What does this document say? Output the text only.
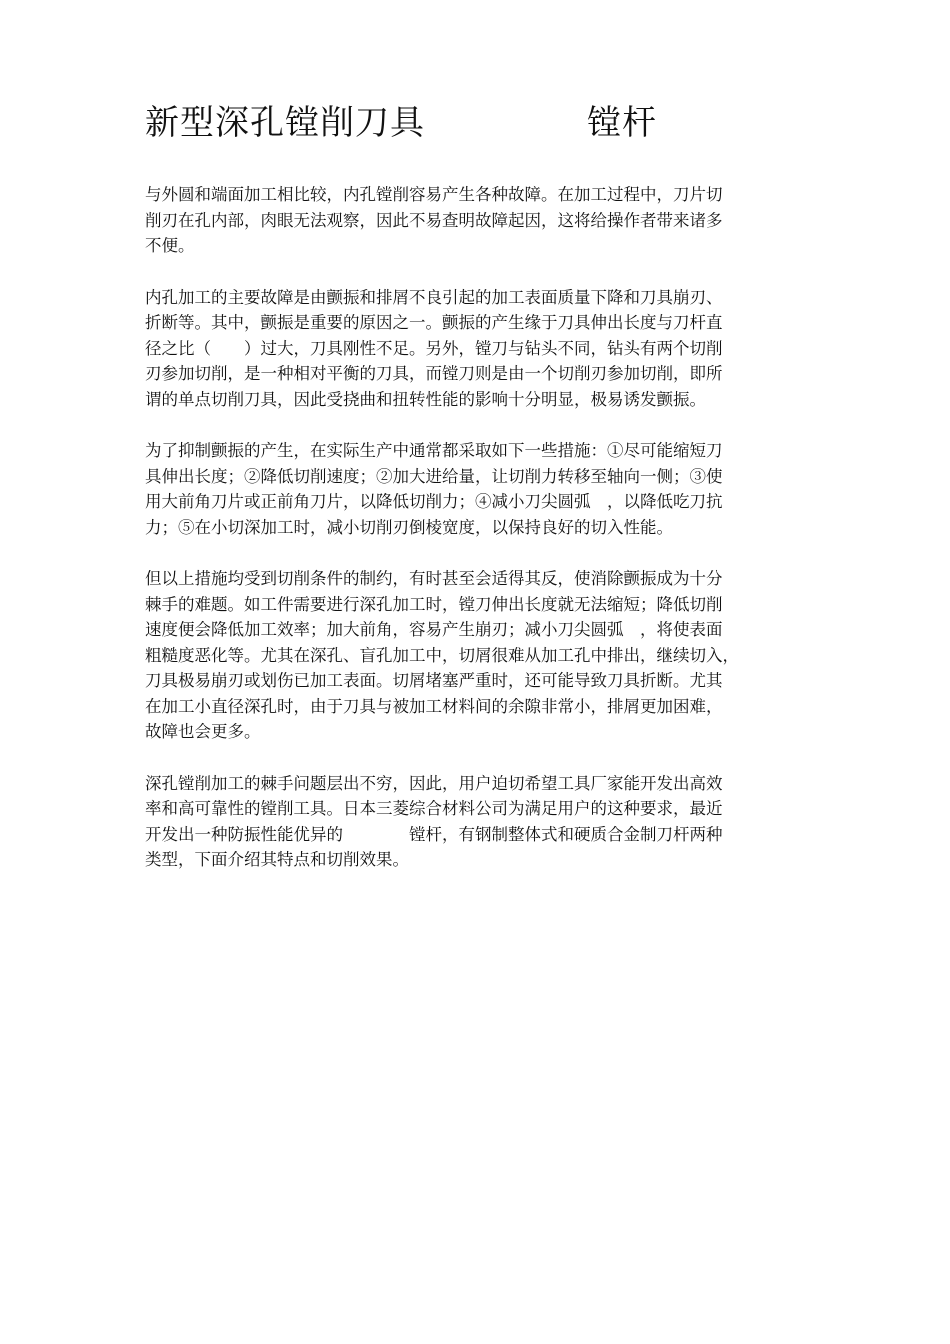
新型深孔镗削刀具	镗杆

与外圆和端面加工相比较，内孔镗削容易产生各种故障。在加工过程中，刀片切
削刃在孔内部，肉眼无法观察，因此不易查明故障起因，这将给操作者带来诸多
不便。

内孔加工的主要故障是由颤振和排屑不良引起的加工表面质量下降和刀具崩刃、
折断等。其中，颤振是重要的原因之一。颤振的产生缘于刀具伸出长度与刀杆直
径之比（　　）过大，刀具刚性不足。另外，镗刀与钻头不同，钻头有两个切削
刃参加切削，是一种相对平衡的刀具，而镗刀则是由一个切削刃参加切削，即所
谓的单点切削刀具，因此受挠曲和扭转性能的影响十分明显，极易诱发颤振。

为了抑制颤振的产生，在实际生产中通常都采取如下一些措施：①尽可能缩短刀
具伸出长度；②降低切削速度；②加大进给量，让切削力转移至轴向一侧；③使
用大前角刀片或正前角刀片，以降低切削力；④减小刀尖圆弧　，以降低吃刀抗
力；⑤在小切深加工时，减小切削刃倒棱宽度，以保持良好的切入性能。

但以上措施均受到切削条件的制约，有时甚至会适得其反，使消除颤振成为十分
棘手的难题。如工件需要进行深孔加工时，镗刀伸出长度就无法缩短；降低切削
速度便会降低加工效率；加大前角，容易产生崩刃；减小刀尖圆弧　，将使表面
粗糙度恶化等。尤其在深孔、盲孔加工中，切屑很难从加工孔中排出，继续切入，
刀具极易崩刃或划伤已加工表面。切屑堵塞严重时，还可能导致刀具折断。尤其
在加工小直径深孔时，由于刀具与被加工材料间的余隙非常小，排屑更加困难，
故障也会更多。

深孔镗削加工的棘手问题层出不穷，因此，用户迫切希望工具厂家能开发出高效
率和高可靠性的镗削工具。日本三菱综合材料公司为满足用户的这种要求，最近
开发出一种防振性能优异的　　　　镗杆，有钢制整体式和硬质合金制刀杆两种
类型，下面介绍其特点和切削效果。
